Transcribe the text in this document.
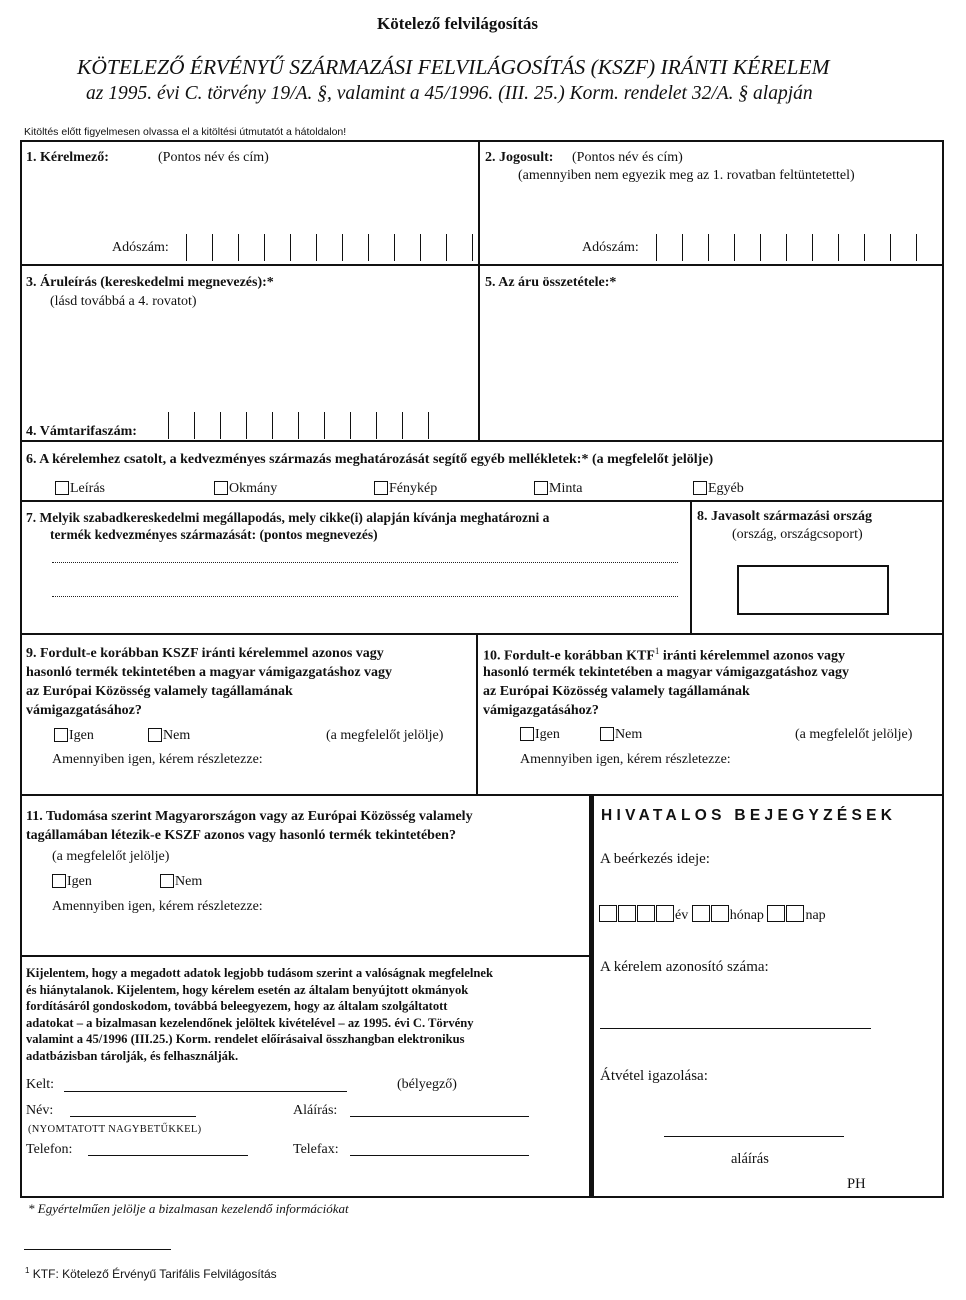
Kötelező felvilágosítás
KÖTELEZŐ ÉRVÉNYŰ SZÁRMAZÁSI FELVILÁGOSÍTÁS (KSZF) IRÁNTI KÉRELEM
az 1995. évi C. törvény 19/A. §, valamint a 45/1996. (III. 25.) Korm. rendelet 32/A. § alapján
Kitöltés előtt figyelmesen olvassa el a kitöltési útmutatót a hátoldalon!
1. Kérelmező:	(Pontos név és cím)
Adószám:
2. Jogosult: (Pontos név és cím)
(amennyiben nem egyezik meg az 1. rovatban feltüntetettel)
Adószám:
3. Áruleírás (kereskedelmi megnevezés):*
(lásd továbbá a 4. rovatot)
5. Az áru összetétele:*
4. Vámtarifaszám:
6. A kérelemhez csatolt, a kedvezményes származás meghatározását segítő egyéb mellékletek:* (a megfelelőt jelölje)
Leírás	Okmány	Fénykép	Minta	Egyéb
7. Melyik szabadkereskedelmi megállapodás, mely cikke(i) alapján kívánja meghatározni a
termék kedvezményes származását: (pontos megnevezés)
8. Javasolt származási ország
(ország, országcsoport)
9. Fordult-e korábban KSZF iránti kérelemmel azonos vagy
hasonló termék tekintetében a magyar vámigazgatáshoz vagy
az Európai Közösség valamely tagállamának
vámigazgatásához?
Igen	Nem	(a megfelelőt jelölje)
Amennyiben igen, kérem részletezze:
10. Fordult-e korábban KTF$^1$ iránti kérelemmel azonos vagy
hasonló termék tekintetében a magyar vámigazgatáshoz vagy
az Európai Közösség valamely tagállamának
vámigazgatásához?
Igen	Nem	(a megfelelőt jelölje)
Amennyiben igen, kérem részletezze:
11. Tudomása szerint Magyarországon vagy az Európai Közösség valamely
tagállamában létezik-e KSZF azonos vagy hasonló termék tekintetében?
(a megfelelőt jelölje)
Igen	Nem
Amennyiben igen, kérem részletezze:
Kijelentem, hogy a megadott adatok legjobb tudásom szerint a valóságnak megfelelnek
és hiánytalanok. Kijelentem, hogy kérelem esetén az általam benyújtott okmányok
fordításáról gondoskodom, továbbá beleegyezem, hogy az általam szolgáltatott
adatokat – a bizalmasan kezelendőnek jelöltek kivételével – az 1995. évi C. Törvény
valamint a 45/1996 (III.25.) Korm. rendelet előírásaival összhangban elektronikus
adatbázisban tárolják, és felhasználják.
Kelt:	(bélyegző)
Név:	Aláírás:
(NYOMTATOTT NAGYBETŰKKEL)
Telefon:	Telefax:
HIVATALOS BEJEGYZÉSEK
A beérkezés ideje:
év	hónap	nap
A kérelem azonosító száma:
Átvétel igazolása:
aláírás
PH
* Egyértelműen jelölje a bizalmasan kezelendő információkat
$^1$ KTF: Kötelező Érvényű Tarifális Felvilágosítás
